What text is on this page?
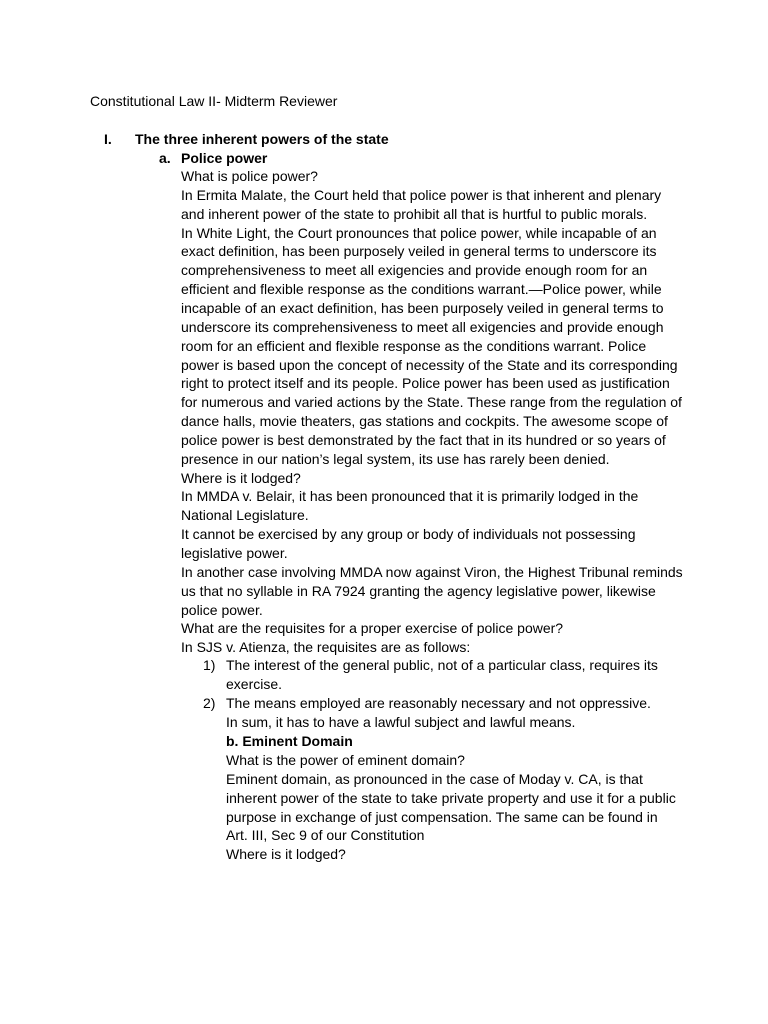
Constitutional Law II- Midterm Reviewer
I. The three inherent powers of the state
a. Police power
What is police power?
In Ermita Malate, the Court held that police power is that inherent and plenary
and inherent power of the state to prohibit all that is hurtful to public morals.
In White Light, the Court pronounces that police power, while incapable of an
exact definition, has been purposely veiled in general terms to underscore its
comprehensiveness to meet all exigencies and provide enough room for an
efficient and flexible response as the conditions warrant.—Police power, while
incapable of an exact definition, has been purposely veiled in general terms to
underscore its comprehensiveness to meet all exigencies and provide enough
room for an efficient and flexible response as the conditions warrant. Police
power is based upon the concept of necessity of the State and its corresponding
right to protect itself and its people. Police power has been used as justification
for numerous and varied actions by the State. These range from the regulation of
dance halls, movie theaters, gas stations and cockpits. The awesome scope of
police power is best demonstrated by the fact that in its hundred or so years of
presence in our nation’s legal system, its use has rarely been denied.
Where is it lodged?
In MMDA v. Belair, it has been pronounced that it is primarily lodged in the
National Legislature.
It cannot be exercised by any group or body of individuals not possessing
legislative power.
In another case involving MMDA now against Viron, the Highest Tribunal reminds
us that no syllable in RA 7924 granting the agency legislative power, likewise
police power.
What are the requisites for a proper exercise of police power?
In SJS v. Atienza, the requisites are as follows:
1) The interest of the general public, not of a particular class, requires its
exercise.
2) The means employed are reasonably necessary and not oppressive.
In sum, it has to have a lawful subject and lawful means.
b. Eminent Domain
What is the power of eminent domain?
Eminent domain, as pronounced in the case of Moday v. CA, is that
inherent power of the state to take private property and use it for a public
purpose in exchange of just compensation. The same can be found in
Art. III, Sec 9 of our Constitution
Where is it lodged?
